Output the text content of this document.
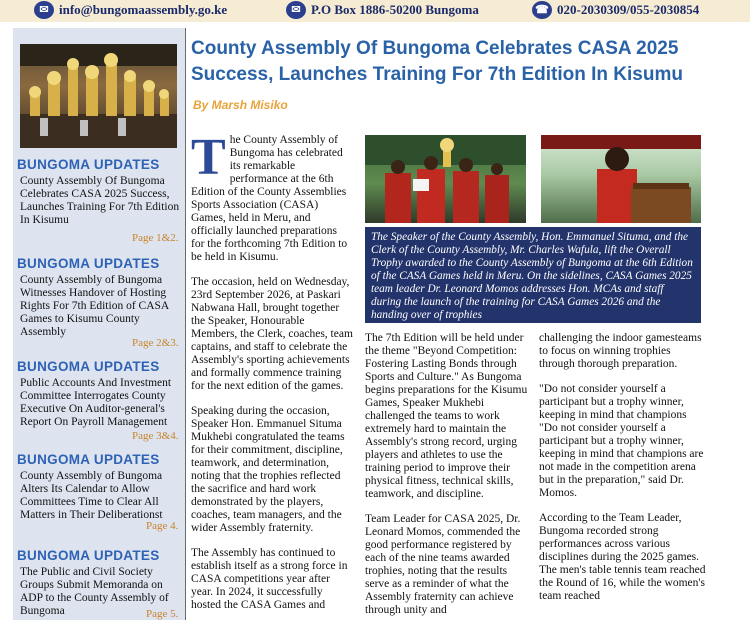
✉ info@bungomaassembly.go.ke	✉ P.O Box 1886-50200 Bungoma	☎ 020-2030309/055-2030854
BUNGOMA UPDATES

County Assembly Of Bungoma Celebrates CASA 2025 Success, Launches Training For 7th Edition In Kisumu

Page 1&2.
BUNGOMA UPDATES

County Assembly of Bungoma Witnesses Handover of Hosting Rights For 7th Edition of CASA Games to Kisumu County Assembly

Page 2&3.
BUNGOMA UPDATES

Public Accounts And Investment Committee Interrogates County Executive On Auditor-general's Report On Payroll Management

Page 3&4.
BUNGOMA UPDATES

County Assembly of Bungoma Alters Its Calendar to Allow Committees Time to Clear All Matters in Their Deliberationst

Page 4.
BUNGOMA UPDATES

The Public and Civil Society Groups Submit Memoranda on ADP to the County Assembly of Bungoma	Page 5.
County Assembly Of Bungoma Celebrates CASA 2025 Success, Launches Training For 7th Edition In Kisumu
By Marsh Misiko

The County Assembly of Bungoma has celebrated its remarkable performance at the 6th Edition of the County Assemblies Sports Association (CASA) Games, held in Meru, and officially launched preparations for the forthcoming 7th Edition to be held in Kisumu.

The occasion, held on Wednesday, 23rd September 2026, at Paskari Nabwana Hall, brought together the Speaker, Honourable Members, the Clerk, coaches, team captains, and staff to celebrate the Assembly's sporting achievements and formally commence training for the next edition of the games.

Speaking during the occasion, Speaker Hon. Emmanuel Situma Mukhebi congratulated the teams for their commitment, discipline, teamwork, and determination, noting that the trophies reflected the sacrifice and hard work demonstrated by the players, coaches, team managers, and the wider Assembly fraternity.

The Assembly has continued to establish itself as a strong force in CASA competitions year after year. In 2024, it successfully hosted the CASA Games and

The Speaker of the County Assembly, Hon. Emmanuel Situma, and the Clerk of the County Assembly, Mr. Charles Wafula, lift the Overall Trophy awarded to the County Assembly of Bungoma at the 6th Edition of the CASA Games held in Meru. On the sidelines, CASA Games 2025 team leader Dr. Leonard Momos addresses Hon. MCAs and staff during the launch of the training for CASA Games 2026 and the handing over of trophies

The 7th Edition will be held under the theme "Beyond Competition: Fostering Lasting Bonds through Sports and Culture." As Bungoma begins preparations for the Kisumu Games, Speaker Mukhebi challenged the teams to work extremely hard to maintain the Assembly's strong record, urging players and athletes to use the training period to improve their physical fitness, technical skills, teamwork, and discipline.

Team Leader for CASA 2025, Dr. Leonard Momos, commended the good performance registered by each of the nine teams awarded trophies, noting that the results serve as a reminder of what the Assembly fraternity can achieve through unity and

challenging the indoor gamesteams to focus on winning trophies through thorough preparation.

"Do not consider yourself a participant but a trophy winner, keeping in mind that champions "Do not consider yourself a participant but a trophy winner, keeping in mind that champions are not made in the competition arena but in the preparation," said Dr. Momos.

According to the Team Leader, Bungoma recorded strong performances across various disciplines during the 2025 games. The men's table tennis team reached the Round of 16, while the women's team reached
